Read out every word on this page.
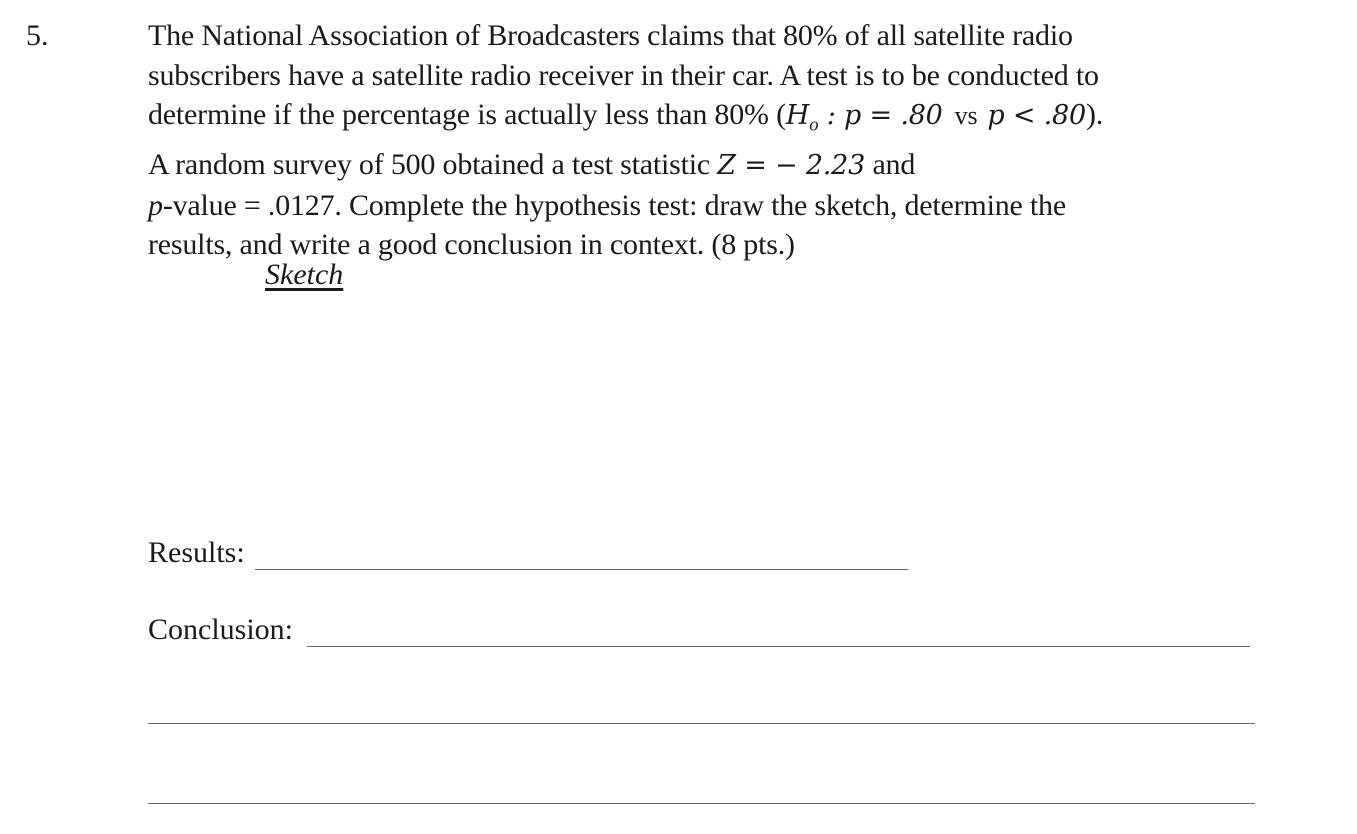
5.	The National Association of Broadcasters claims that 80% of all satellite radio
subscribers have a satellite radio receiver in their car. A test is to be conducted to
determine if the percentage is actually less than 80% ($H_o$ : p = .80 vs p < .80).
A random survey of 500 obtained a test statistic Z = − 2.23 and
p-value = .0127. Complete the hypothesis test: draw the sketch, determine the
results, and write a good conclusion in context. (8 pts.)
Sketch
Results:
Conclusion:
